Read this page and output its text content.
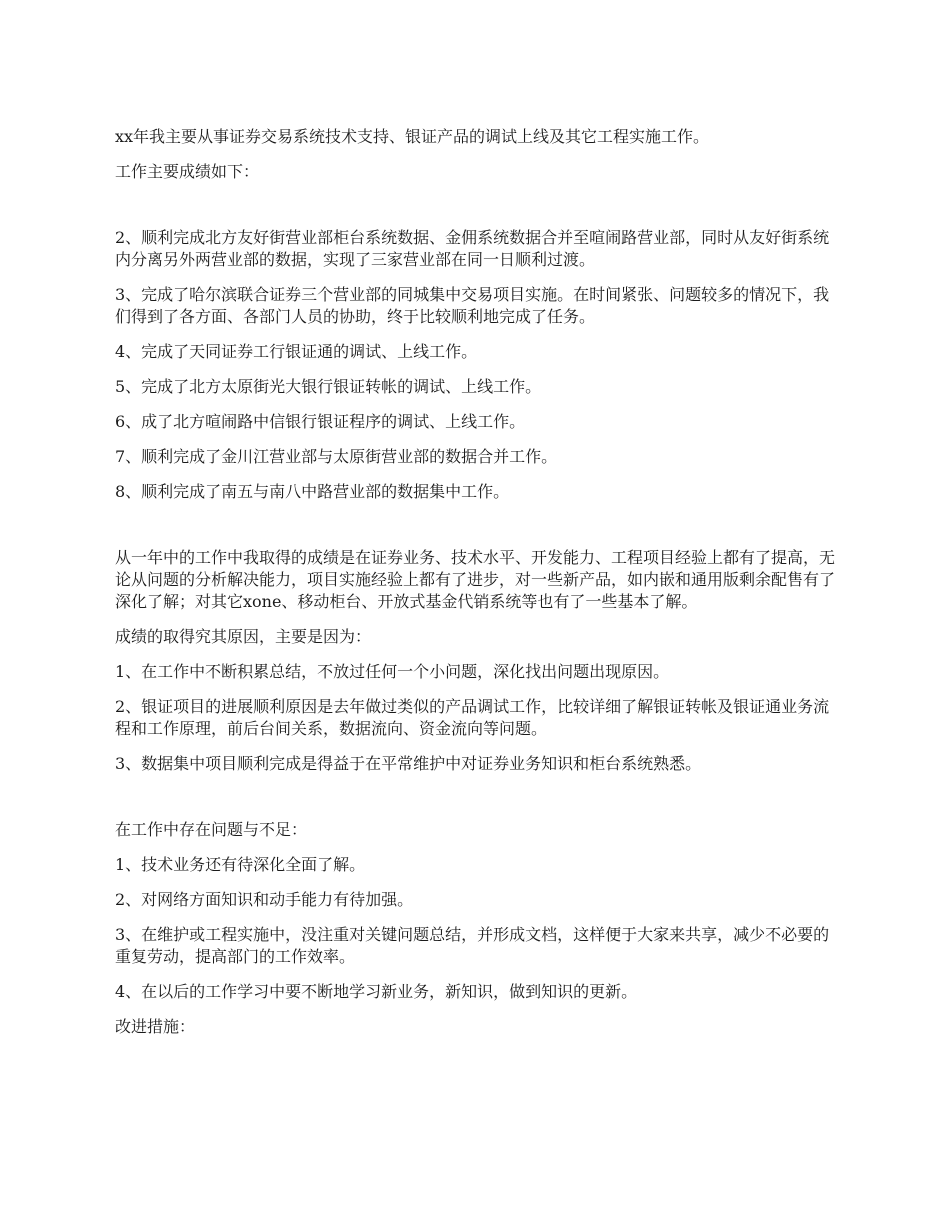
xx年我主要从事证券交易系统技术支持、银证产品的调试上线及其它工程实施工作。

工作主要成绩如下：

2、顺利完成北方友好街营业部柜台系统数据、金佣系统数据合并至喧闹路营业部，同时从友好街系统内分离另外两营业部的数据，实现了三家营业部在同一日顺利过渡。

3、完成了哈尔滨联合证券三个营业部的同城集中交易项目实施。在时间紧张、问题较多的情况下，我们得到了各方面、各部门人员的协助，终于比较顺利地完成了任务。

4、完成了天同证券工行银证通的调试、上线工作。

5、完成了北方太原街光大银行银证转帐的调试、上线工作。

6、成了北方喧闹路中信银行银证程序的调试、上线工作。

7、顺利完成了金川江营业部与太原街营业部的数据合并工作。

8、顺利完成了南五与南八中路营业部的数据集中工作。

从一年中的工作中我取得的成绩是在证券业务、技术水平、开发能力、工程项目经验上都有了提高，无论从问题的分析解决能力，项目实施经验上都有了进步，对一些新产品，如内嵌和通用版剩余配售有了深化了解；对其它xone、移动柜台、开放式基金代销系统等也有了一些基本了解。

成绩的取得究其原因，主要是因为：

1、在工作中不断积累总结，不放过任何一个小问题，深化找出问题出现原因。

2、银证项目的进展顺利原因是去年做过类似的产品调试工作，比较详细了解银证转帐及银证通业务流程和工作原理，前后台间关系，数据流向、资金流向等问题。

3、数据集中项目顺利完成是得益于在平常维护中对证券业务知识和柜台系统熟悉。

在工作中存在问题与不足：

1、技术业务还有待深化全面了解。

2、对网络方面知识和动手能力有待加强。

3、在维护或工程实施中，没注重对关键问题总结，并形成文档，这样便于大家来共享，减少不必要的重复劳动，提高部门的工作效率。

4、在以后的工作学习中要不断地学习新业务，新知识，做到知识的更新。

改进措施：
